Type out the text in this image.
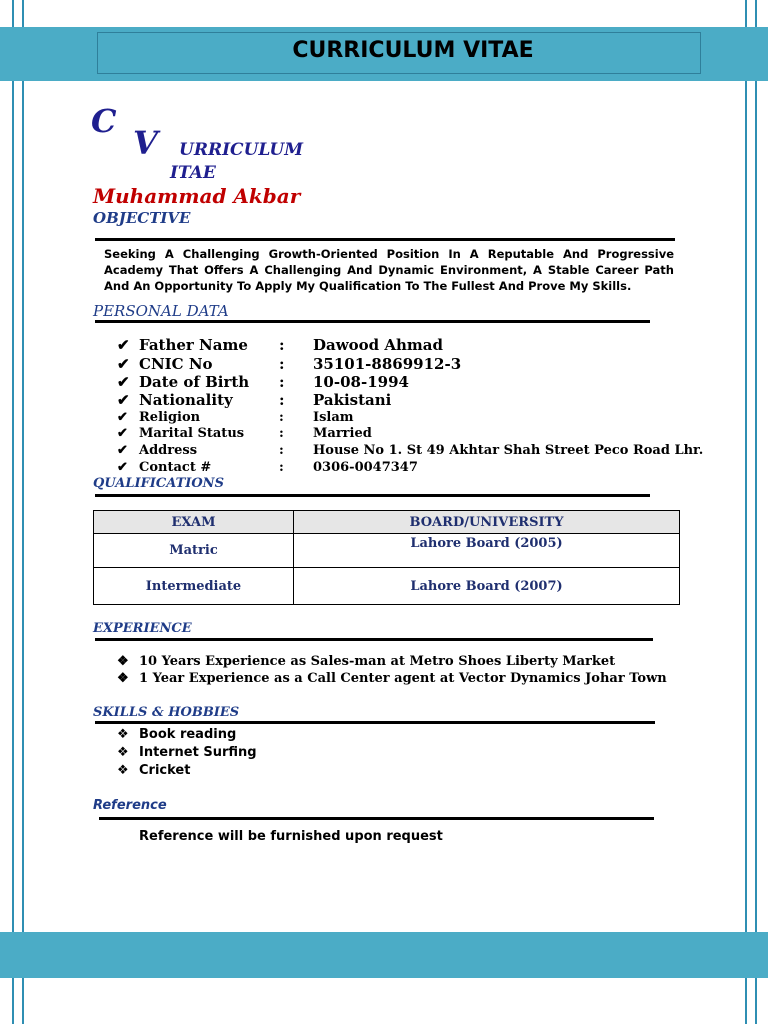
CURRICULUM VITAE
C
V URRICULUM
ITAE
Muhammad Akbar
OBJECTIVE
Seeking A Challenging Growth-Oriented Position In A Reputable And Progressive Academy That Offers A Challenging And Dynamic Environment, A Stable Career Path And An Opportunity To Apply My Qualification To The Fullest And Prove My Skills.
PERSONAL DATA
✔ Father Name : Dawood Ahmad
✔ CNIC No	: 35101-8869912-3
✔ Date of Birth : 10-08-1994
✔ Nationality	: Pakistani
✔ Religion	: Islam
✔ Marital Status	: Married
✔ Address	: House No 1. St 49 Akhtar Shah Street Peco Road Lhr.
✔ Contact #	: 0306-0047347
QUALIFICATIONS
EXAM	BOARD/UNIVERSITY
Matric	Lahore Board (2005)
Intermediate	Lahore Board (2007)
EXPERIENCE
❖ 10 Years Experience as Sales-man at Metro Shoes Liberty Market
❖ 1 Year Experience as a Call Center agent at Vector Dynamics Johar Town
SKILLS & HOBBIES
❖ Book reading
❖ Internet Surfing
❖ Cricket
Reference
Reference will be furnished upon request
